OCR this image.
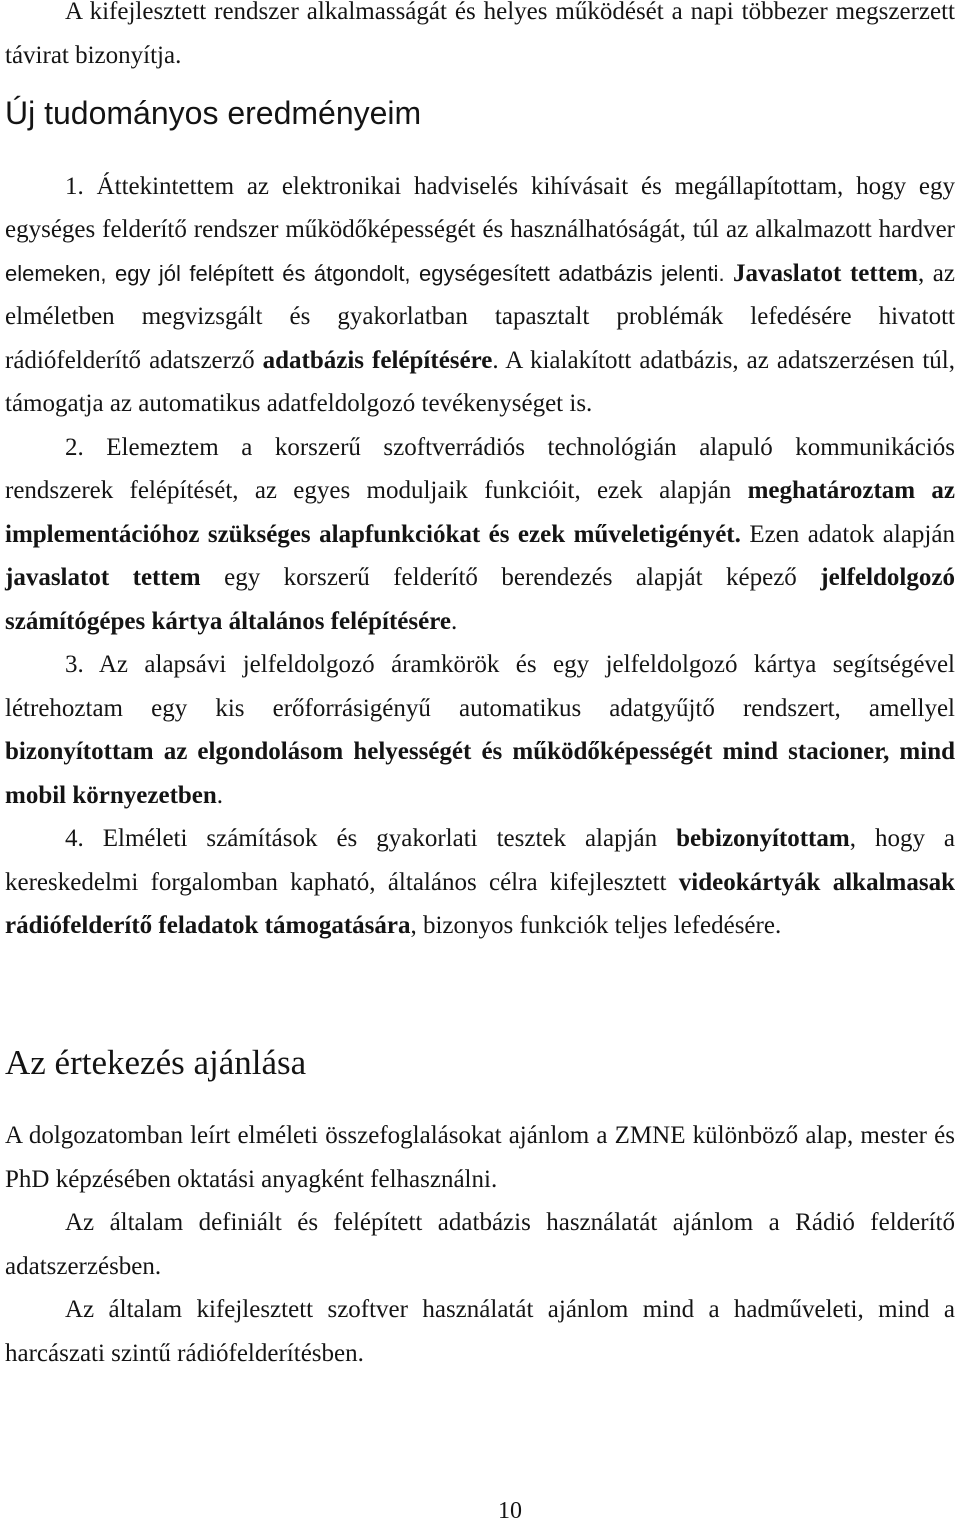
A kifejlesztett rendszer alkalmasságát és helyes működését a napi többezer megszerzett
távirat bizonyítja.
Új tudományos eredményeim
1. Áttekintettem az elektronikai hadviselés kihívásait és megállapítottam, hogy egy
egységes felderítő rendszer működőképességét és használhatóságát, túl az alkalmazott hardver
elemeken, egy jól felépített és átgondolt, egységesített adatbázis jelenti. Javaslatot tettem, az
elméletben megvizsgált és gyakorlatban tapasztalt problémák lefedésére hivatott
rádiófelderítő adatszerző adatbázis felépítésére. A kialakított adatbázis, az adatszerzésen túl,
támogatja az automatikus adatfeldolgozó tevékenységet is.
2. Elemeztem a korszerű szoftverrádiós technológián alapuló kommunikációs
rendszerek felépítését, az egyes moduljaik funkcióit, ezek alapján meghatároztam az
implementációhoz szükséges alapfunkciókat és ezek műveletigényét. Ezen adatok alapján
javaslatot tettem egy korszerű felderítő berendezés alapját képező jelfeldolgozó
számítógépes kártya általános felépítésére.
3. Az alapsávi jelfeldolgozó áramkörök és egy jelfeldolgozó kártya segítségével
létrehoztam egy kis erőforrásigényű automatikus adatgyűjtő rendszert, amellyel
bizonyítottam az elgondolásom helyességét és működőképességét mind stacioner, mind
mobil környezetben.
4. Elméleti számítások és gyakorlati tesztek alapján bebizonyítottam, hogy a
kereskedelmi forgalomban kapható, általános célra kifejlesztett videokártyák alkalmasak
rádiófelderítő feladatok támogatására, bizonyos funkciók teljes lefedésére.
Az értekezés ajánlása
A dolgozatomban leírt elméleti összefoglalásokat ajánlom a ZMNE különböző alap, mester és
PhD képzésében oktatási anyagként felhasználni.
Az általam definiált és felépített adatbázis használatát ajánlom a Rádió felderítő
adatszerzésben.
Az általam kifejlesztett szoftver használatát ajánlom mind a hadműveleti, mind a
harcászati szintű rádiófelderítésben.
10
